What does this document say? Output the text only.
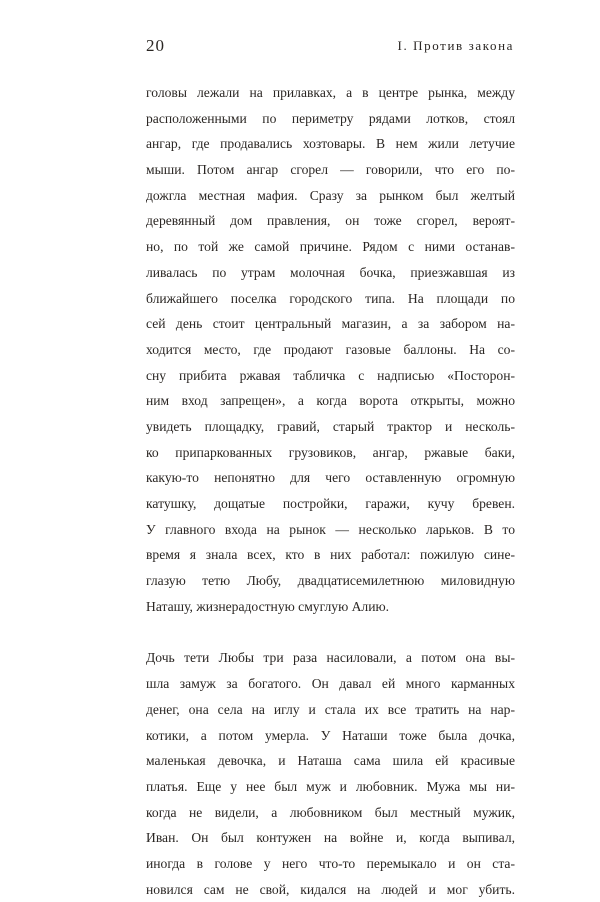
20	I. Против закона
головы лежали на прилавках, а в центре рынка, между
расположенными по периметру рядами лотков, стоял
ангар, где продавались хозтовары. В нем жили летучие
мыши. Потом ангар сгорел — говорили, что его по-
дожгла местная мафия. Сразу за рынком был желтый
деревянный дом правления, он тоже сгорел, вероят-
но, по той же самой причине. Рядом с ними останав-
ливалась по утрам молочная бочка, приезжавшая из
ближайшего поселка городского типа. На площади по
сей день стоит центральный магазин, а за забором на-
ходится место, где продают газовые баллоны. На со-
сну прибита ржавая табличка с надписью «Посторон-
ним вход запрещен», а когда ворота открыты, можно
увидеть площадку, гравий, старый трактор и несколь-
ко припаркованных грузовиков, ангар, ржавые баки,
какую-то непонятно для чего оставленную огромную
катушку, дощатые постройки, гаражи, кучу бревен.
У главного входа на рынок — несколько ларьков. В то
время я знала всех, кто в них работал: пожилую сине-
глазую тетю Любу, двадцатисемилетнюю миловидную
Наташу, жизнерадостную смуглую Алию.
Дочь тети Любы три раза насиловали, а потом она вы-
шла замуж за богатого. Он давал ей много карманных
денег, она села на иглу и стала их все тратить на нар-
котики, а потом умерла. У Наташи тоже была дочка,
маленькая девочка, и Наташа сама шила ей красивые
платья. Еще у нее был муж и любовник. Мужа мы ни-
когда не видели, а любовником был местный мужик,
Иван. Он был контужен на войне и, когда выпивал,
иногда в голове у него что-то перемыкало и он ста-
новился сам не свой, кидался на людей и мог убить.
